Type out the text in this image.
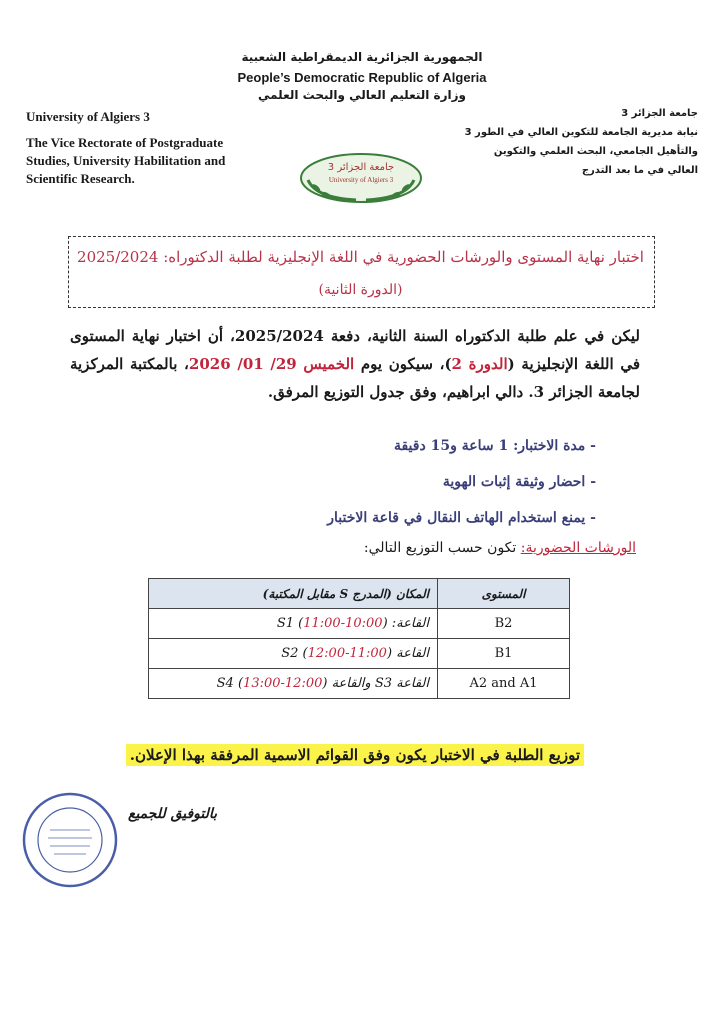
الجمهورية الجزائرية الديمقراطية الشعبية
People’s Democratic Republic of Algeria
وزارة التعليم العالي والبحث العلمي
University of Algiers 3
The Vice Rectorate of Postgraduate Studies, University Habilitation and Scientific Research.
جامعة الجزائر 3
نيابة مديرية الجامعة للتكوين العالي في الطور 3
والتأهيل الجامعي، البحث العلمي والتكوين
العالي في ما بعد التدرج
جامعة الجزائر 3
University of Algiers 3
اختبار نهاية المستوى والورشات الحضورية في اللغة الإنجليزية لطلبة الدكتوراه: 2025/2024
(الدورة الثانية)
ليكن في علم طلبة الدكتوراه السنة الثانية، دفعة 2025/2024، أن اختبار نهاية المستوى في اللغة الإنجليزية (الدورة 2)، سيكون يوم الخميس 29/ 01/ 2026، بالمكتبة المركزية لجامعة الجزائر 3. دالي ابراهيم، وفق جدول التوزيع المرفق.
- مدة الاختبار: 1 ساعة و15 دقيقة
- احضار وثيقة إثبات الهوية
- يمنع استخدام الهاتف النقال في قاعة الاختبار
الورشات الحضورية: تكون حسب التوزيع التالي:
المكان (المدرج S مقابل المكتبة)	المستوى
القاعة: S1 (11:00-10:00)	B2
القاعة S2 (12:00-11:00)	B1
القاعة S3 والقاعة S4 (13:00-12:00)	A2 and A1
توزيع الطلبة في الاختبار يكون وفق القوائم الاسمية المرفقة بهذا الإعلان.
بالتوفيق للجميع
